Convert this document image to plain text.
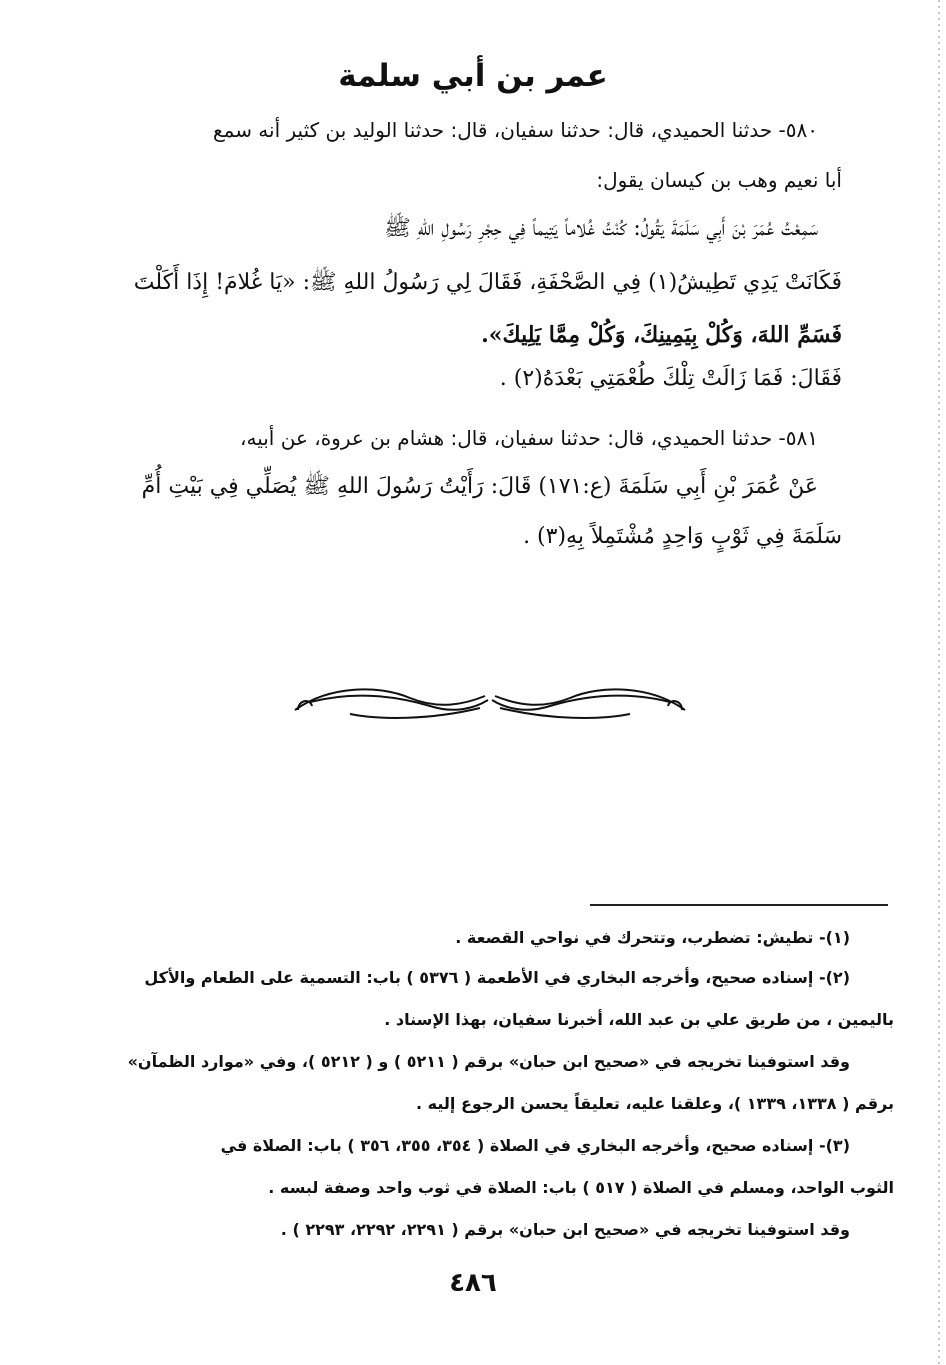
عمر بن أبي سلمة

٥٨٠- حدثنا الحميدي، قال: حدثنا سفيان، قال: حدثنا الوليد بن كثير أنه سمع

أبا نعيم وهب بن كيسان يقول:

سَمِعْتُ عُمَرَ بْنَ أَبِي سَلَمَةَ يَقُولُ: كُنْتُ غُلاماً يَتِيماً فِي حِجْرِ رَسُولِ اللهِ ﷺ

فَكَانَتْ يَدِي تَطِيشُ(١) فِي الصَّحْفَةِ، فَقَالَ لِي رَسُولُ اللهِ ﷺ: «يَا غُلامَ! إِذَا أَكَلْتَ

فَسَمِّ اللهَ، وَكُلْ بِيَمِينِكَ، وَكُلْ مِمَّا يَلِيكَ».

فَقَالَ: فَمَا زَالَتْ تِلْكَ طُعْمَتِي بَعْدَهُ(٢) .

٥٨١- حدثنا الحميدي، قال: حدثنا سفيان، قال: هشام بن عروة، عن أبيه،

عَنْ عُمَرَ بْنِ أَبِي سَلَمَةَ (ع:١٧١) قَالَ: رَأَيْتُ رَسُولَ اللهِ ﷺ يُصَلِّي فِي بَيْتِ أُمِّ

سَلَمَةَ فِي ثَوْبٍ وَاحِدٍ مُشْتَمِلاً بِهِ(٣) .

(١)- تطيش: تضطرب، وتتحرك في نواحي القصعة .

(٢)- إسناده صحيح، وأخرجه البخاري في الأطعمة ( ٥٣٧٦ ) باب: التسمية على الطعام والأكل

باليمين ، من طريق علي بن عبد الله، أخبرنا سفيان، بهذا الإسناد .

وقد استوفينا تخريجه في «صحيح ابن حبان» برقم ( ٥٢١١ ) و ( ٥٢١٢ )، وفي «موارد الظمآن»

برقم ( ١٣٣٨، ١٣٣٩ )، وعلقنا عليه، تعليقاً يحسن الرجوع إليه .

(٣)- إسناده صحيح، وأخرجه البخاري في الصلاة ( ٣٥٤، ٣٥٥، ٣٥٦ ) باب: الصلاة في

الثوب الواحد، ومسلم في الصلاة ( ٥١٧ ) باب: الصلاة في ثوب واحد وصفة لبسه .

وقد استوفينا تخريجه في «صحيح ابن حبان» برقم ( ٢٢٩١، ٢٢٩٢، ٢٢٩٣ ) .

٤٨٦
